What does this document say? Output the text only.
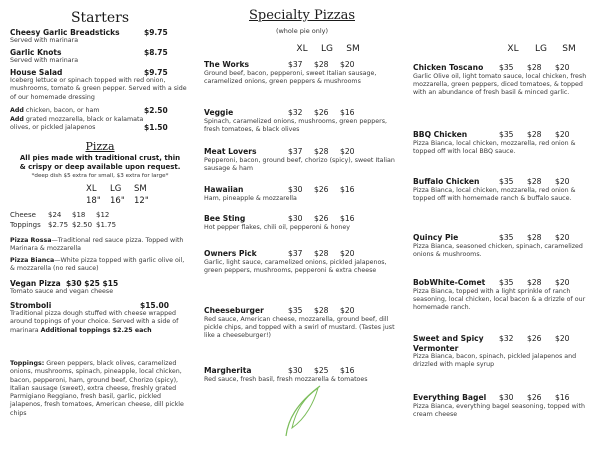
Starters
Cheesy Garlic Breadsticks	$9.75
Served with marinara
Garlic Knots	$8.75
Served with marinara
House Salad	$9.75
Iceberg lettuce or spinach topped with red onion, mushrooms, tomato & green pepper. Served with a side of our homemade dressing
Add chicken, bacon, or ham	$2.50
Add grated mozzarella, black or kalamata olives, or pickled jalapenos	$1.50
Pizza
All pies made with traditional crust, thin & crispy or deep available upon request.
*deep dish $5 extra for small, $3 extra for large*
XL	LG	SM
18"	16"	12"
Cheese	$24	$18	$12
Toppings	$2.75 $2.50 $1.75
Pizza Rossa—Traditional red sauce pizza. Topped with Marinara & mozzarella
Pizza Bianca—White pizza topped with garlic olive oil, & mozzarella (no red sauce)
Vegan Pizza
$30 $25 $15
Tomato sauce and vegan cheese
Stromboli	$15.00
Traditional pizza dough stuffed with cheese wrapped around toppings of your choice. Served with a side of marinara Additional toppings $2.25 each
Toppings: Green peppers, black olives, caramelized onions, mushrooms, spinach, pineapple, local chicken, bacon, pepperoni, ham, ground beef, Chorizo (spicy), Italian sausage (sweet), extra cheese, freshly grated Parmigiano Reggiano, fresh basil, garlic, pickled jalapenos, fresh tomatoes, American cheese, dill pickle chips
Specialty Pizzas
(whole pie only)
XL	LG	SM
The Works	$37	$28	$20
Ground beef, bacon, pepperoni, sweet Italian sausage, caramelized onions, green peppers & mushrooms
Veggie	$32	$26	$16
Spinach, caramelized onions, mushrooms, green peppers, fresh tomatoes, & black olives
Meat Lovers	$37	$28	$20
Pepperoni, bacon, ground beef, chorizo (spicy), sweet Italian sausage & ham
Hawaiian	$30	$26	$16
Ham, pineapple & mozzarella
Bee Sting	$30	$26	$16
Hot pepper flakes, chili oil, pepperoni & honey
Owners Pick	$37	$28	$20
Garlic, light sauce, caramelized onions, pickled jalapenos, green peppers, mushrooms, pepperoni & extra cheese
Cheeseburger	$35	$28	$20
Red sauce, American cheese, mozzarella, ground beef, dill pickle chips, and topped with a swirl of mustard. (Tastes just like a cheeseburger!)
Margherita	$30	$25	$16
Red sauce, fresh basil, fresh mozzarella & tomatoes
XL	LG	SM
Chicken Toscano	$35	$28	$20
Garlic Olive oil, light tomato sauce, local chicken, fresh mozzarella, green peppers, diced tomatoes, & topped with an abundance of fresh basil & minced garlic.
BBQ Chicken	$35	$28	$20
Pizza Bianca, local chicken, mozzarella, red onion & topped off with local BBQ sauce.
Buffalo Chicken	$35	$28	$20
Pizza Bianca, local chicken, mozzarella, red onion & topped off with homemade ranch & buffalo sauce.
Quincy Pie	$35	$28	$20
Pizza Bianca, seasoned chicken, spinach, caramelized onions & mushrooms.
BobWhite-Comet	$35	$28	$20
Pizza Bianca, topped with a light sprinkle of ranch seasoning, local chicken, local bacon & a drizzle of our homemade ranch.
Sweet and Spicy Vermonter
$32	$26	$20
Pizza Bianca, bacon, spinach, pickled jalapenos and drizzled with maple syrup
Everything Bagel	$30	$26	$16
Pizza Bianca, everything bagel seasoning, topped with cream cheese
